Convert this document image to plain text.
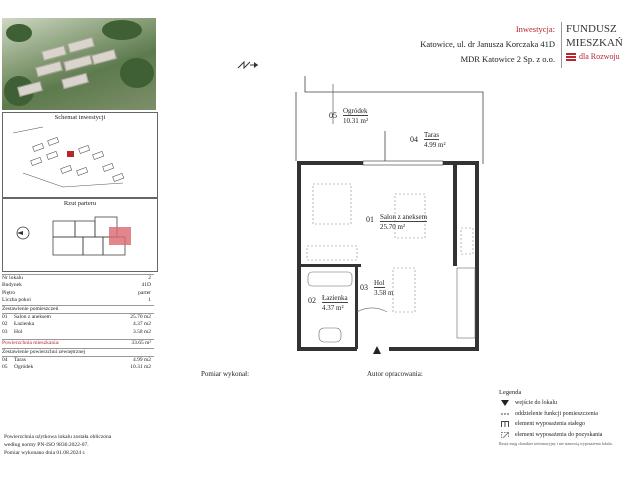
Schemat inwestycji
Rzut parteru
Nr lokalu	2
Budynek	41D
Piętro	parter
Liczba pokoi	1
Zestawienie pomieszczeń
01 Salon z aneksem	25.70 m2
02 Łazienka	4.37 m2
03 Hol	3.58 m2
Powierzchnia mieszkania:	33.65 m²
Zestawienie powierzchni zewnętrznej
04 Taras	4.99 m2
05 Ogródek	10.31 m2
Powierzchnia użytkowa lokalu została obliczona
według normy PN-ISO 9836:2022-07.
Pomiar wykonano dnia 01.08.2024 r.
Inwestycja:
Katowice, ul. dr Janusza Korczaka 41D
MDR Katowice 2 Sp. z o.o.
FUNDUSZ
MIESZKAŃ
dla Rozwoju
05 Ogródek
10.31 m²
04 Taras
4.99 m²
01 Salon z aneksem
25.70 m²
03 Hol
3.58 m
02 Łazienka
4.37 m²
Pomiar wykonał:	Autor opracowania:
Legenda
wejście do lokalu
oddzielenie funkcji pomieszczenia
element wyposażenia stałego
element wyposażenia do pozyskania
Rzuty mają charakter informacyjny i nie stanowią wyposażenia lokalu.
